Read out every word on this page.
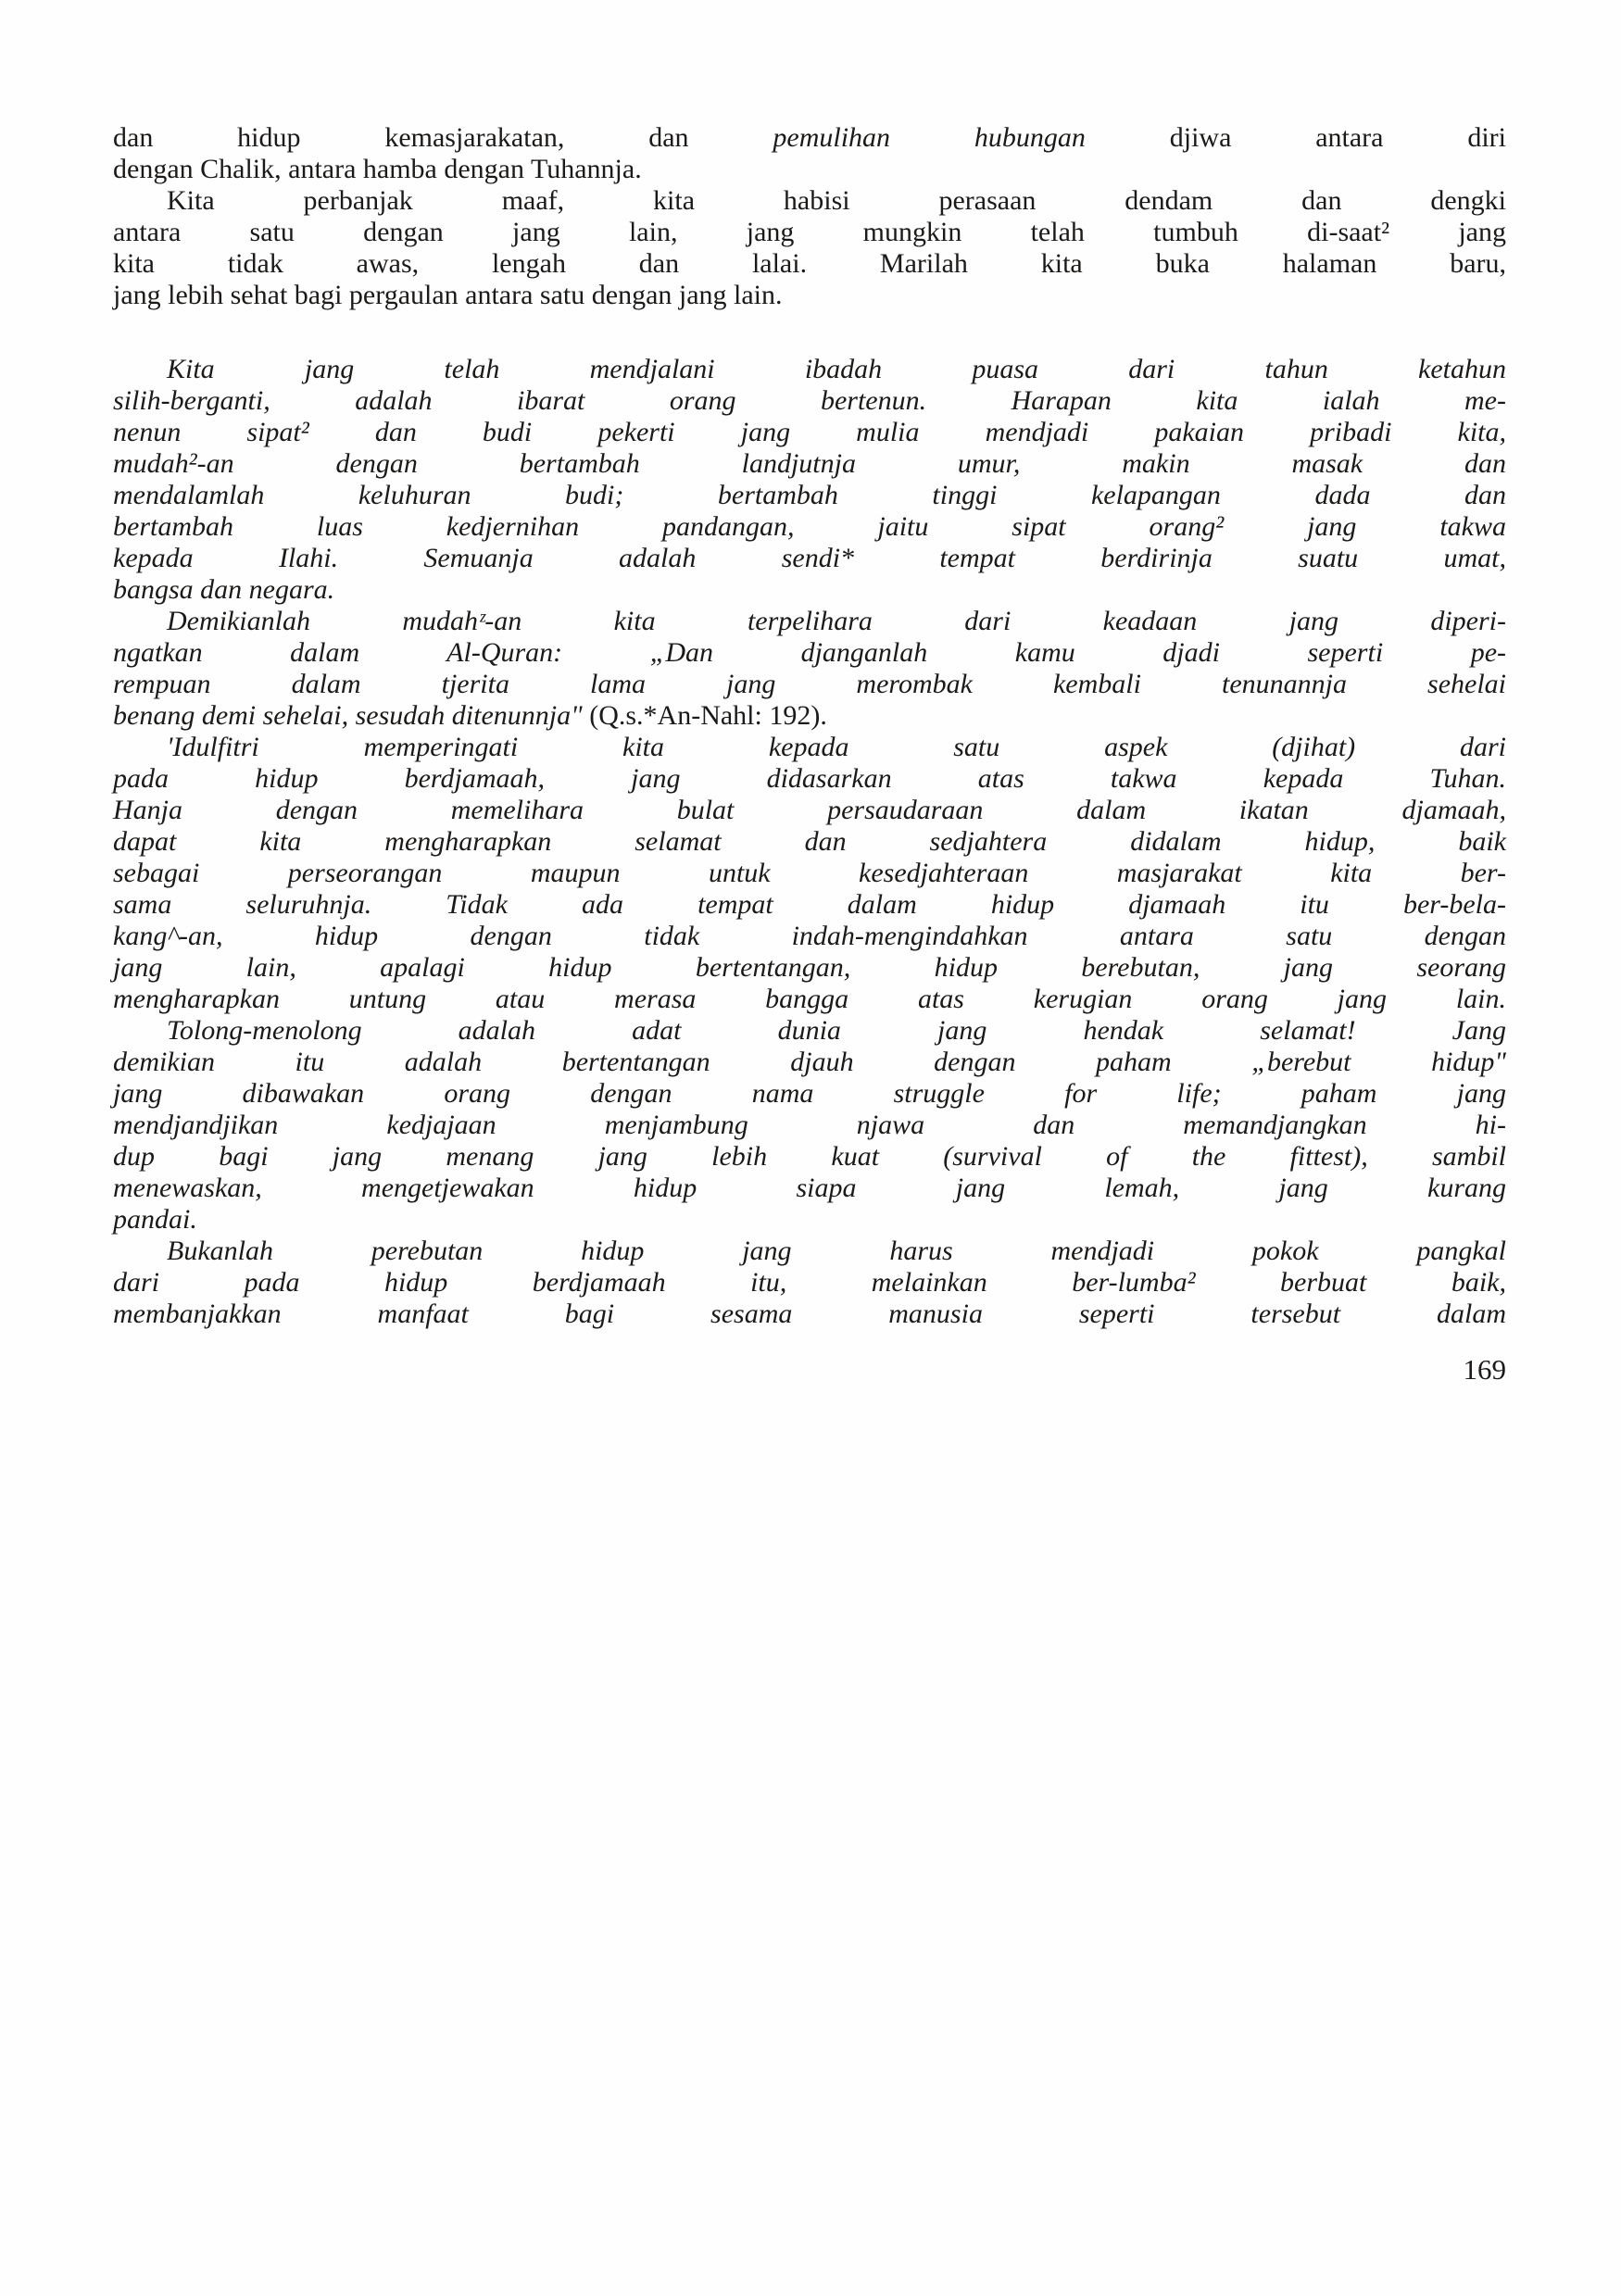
dan hidup kemasjarakatan, dan pemulihan hubungan djiwa antara diri
dengan Chalik, antara hamba dengan Tuhannja.
Kita perbanjak maaf, kita habisi perasaan dendam dan dengki
antara satu dengan jang lain, jang mungkin telah tumbuh di-saat² jang
kita tidak awas, lengah dan lalai. Marilah kita buka halaman baru,
jang lebih sehat bagi pergaulan antara satu dengan jang lain.
Kita jang telah mendjalani ibadah puasa dari tahun ketahun
silih-berganti, adalah ibarat orang bertenun. Harapan kita ialah me-
nenun sipat² dan budi pekerti jang mulia mendjadi pakaian pribadi kita,
mudah²-an dengan bertambah landjutnja umur, makin masak dan
mendalamlah keluhuran budi; bertambah tinggi kelapangan dada dan
bertambah luas kedjernihan pandangan, jaitu sipat orang² jang takwa
kepada Ilahi. Semuanja adalah sendi* tempat berdirinja suatu umat,
bangsa dan negara.
Demikianlah mudahᶻ-an kita terpelihara dari keadaan jang diperi-
ngatkan dalam Al-Quran: „Dan djanganlah kamu djadi seperti pe-
rempuan dalam tjerita lama jang merombak kembali tenunannja sehelai
benang demi sehelai, sesudah ditenunnja" (Q.s.*An-Nahl: 192).
'Idulfitri memperingati kita kepada satu aspek (djihat) dari
pada hidup berdjamaah, jang didasarkan atas takwa kepada Tuhan.
Hanja dengan memelihara bulat persaudaraan dalam ikatan djamaah,
dapat kita mengharapkan selamat dan sedjahtera didalam hidup, baik
sebagai perseorangan maupun untuk kesedjahteraan masjarakat kita ber-
sama seluruhnja. Tidak ada tempat dalam hidup djamaah itu ber-bela-
kang^-an, hidup dengan tidak indah-mengindahkan antara satu dengan
jang lain, apalagi hidup bertentangan, hidup berebutan, jang seorang
mengharapkan untung atau merasa bangga atas kerugian orang jang lain.
Tolong-menolong adalah adat dunia jang hendak selamat! Jang
demikian itu adalah bertentangan djauh dengan paham „berebut hidup"
jang dibawakan orang dengan nama struggle for life; paham jang
mendjandjikan kedjajaan menjambung njawa dan memandjangkan hi-
dup bagi jang menang jang lebih kuat (survival of the fittest), sambil
menewaskan, mengetjewakan hidup siapa jang lemah, jang kurang
pandai.
Bukanlah perebutan hidup jang harus mendjadi pokok pangkal
dari pada hidup berdjamaah itu, melainkan ber-lumba² berbuat baik,
membanjakkan manfaat bagi sesama manusia seperti tersebut dalam
169
